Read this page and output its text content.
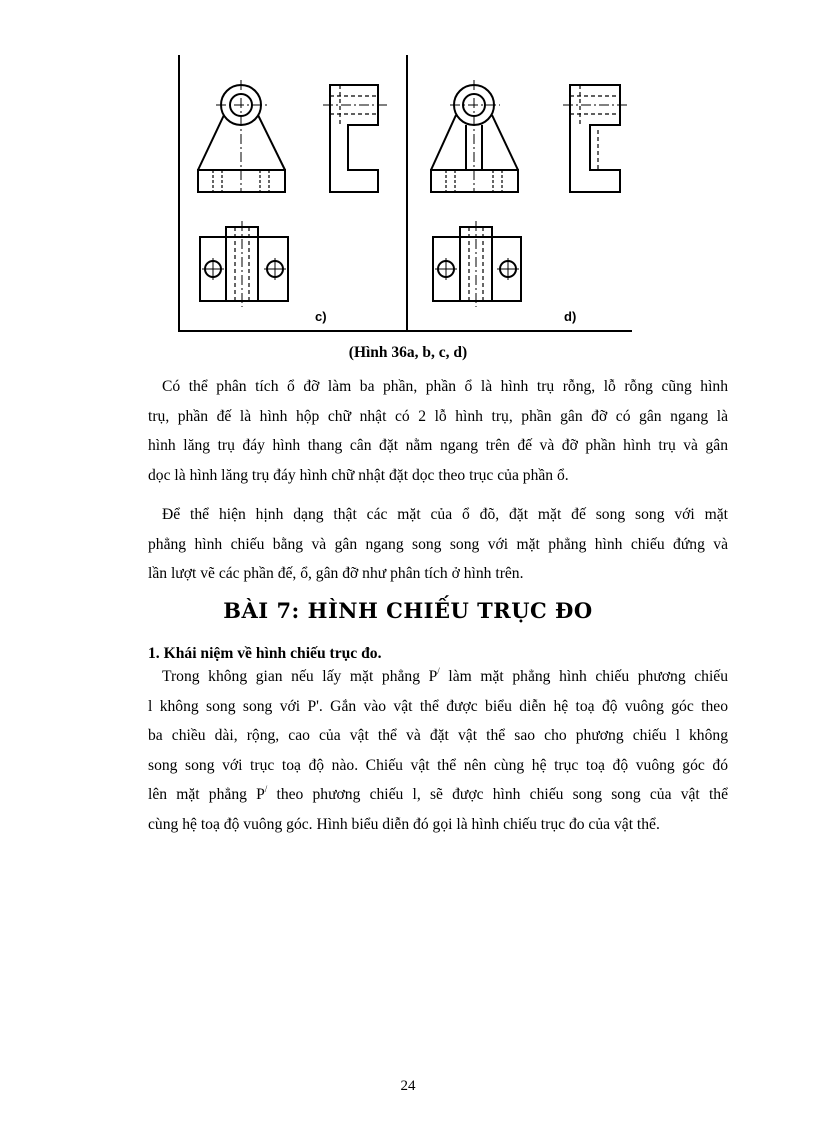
c)	d)
(Hình 36a, b, c, d)
Có thể phân tích ổ đỡ làm ba phần, phần ổ là hình trụ rỗng, lỗ rỗng cũng hình
trụ, phần đế là hình hộp chữ nhật có 2 lỗ hình trụ, phần gân đỡ có gân ngang là
hình lăng trụ đáy hình thang cân đặt nằm ngang trên đế và đỡ phần hình trụ và gân
dọc là hình lăng trụ đáy hình chữ nhật đặt dọc theo trục của phần ổ.
Để thể hiện hịnh dạng thật các mặt của ổ đõ, đặt mặt đế song song với mặt
phẳng hình chiếu bằng và gân ngang song song với mặt phẳng hình chiếu đứng và
lần lượt vẽ các phần đế, ổ, gân đỡ như phân tích ở hình trên.
BÀI 7: HÌNH CHIẾU TRỤC ĐO
1. Khái niệm về hình chiếu trục đo.
Trong không gian nếu lấy mặt phẳng P/ làm mặt phẳng hình chiếu phương chiếu
l không song song với P'. Gắn vào vật thể được biểu diễn hệ toạ độ vuông góc theo
ba chiều dài, rộng, cao của vật thể và đặt vật thể sao cho phương chiếu l không
song song với trục toạ độ nào. Chiếu vật thể nên cùng hệ trục toạ độ vuông góc đó
lên mặt phẳng P/ theo phương chiếu l, sẽ được hình chiếu song song của vật thể
cùng hệ toạ độ vuông góc. Hình biểu diễn đó gọi là hình chiếu trục đo của vật thể.
24
